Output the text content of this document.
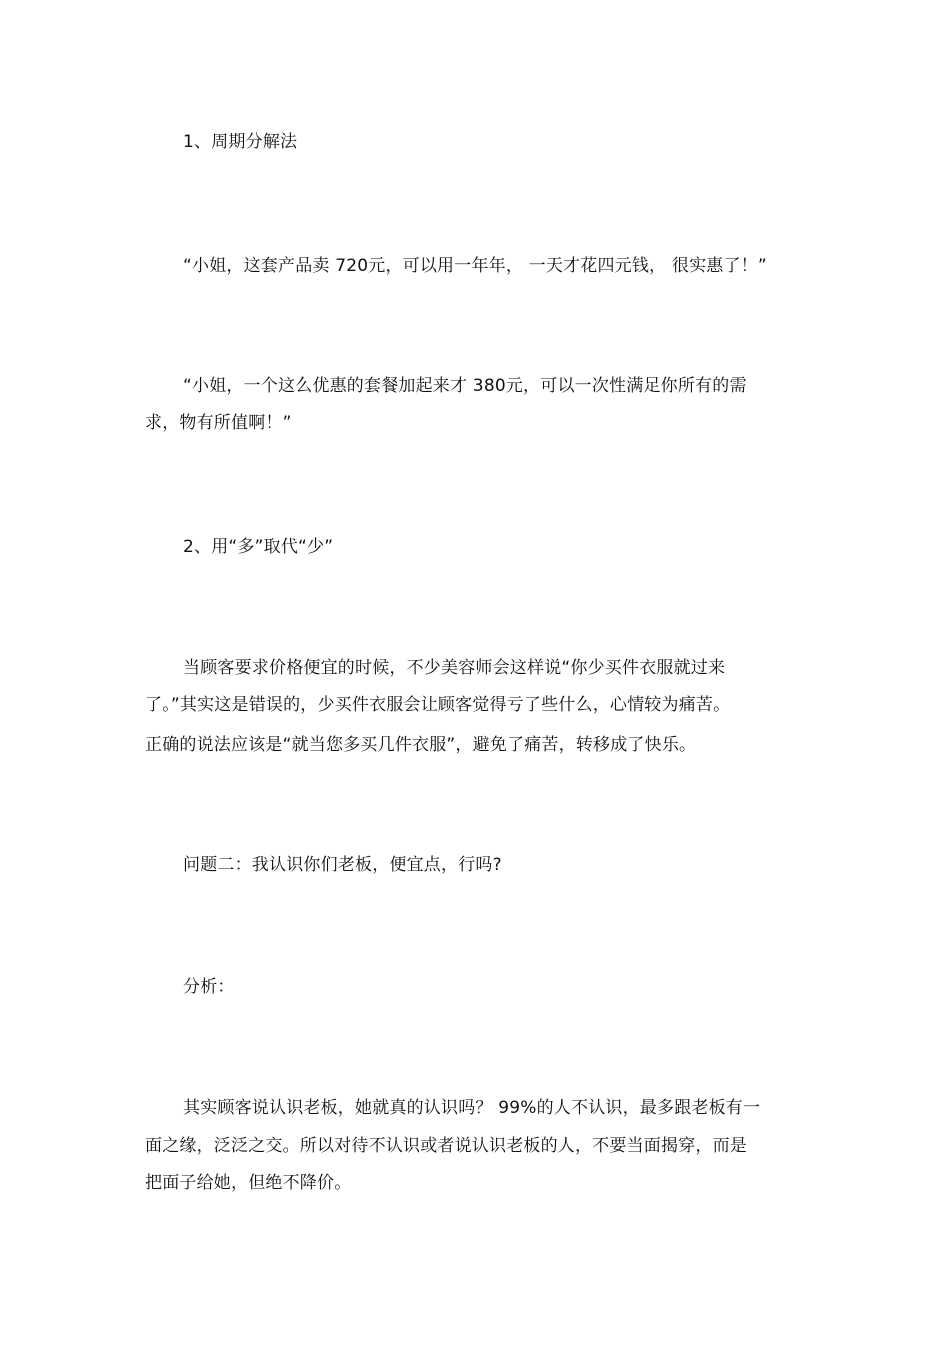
1、周期分解法
“小姐，这套产品卖 720元，可以用一年年， 一天才花四元钱， 很实惠了！”
“小姐，一个这么优惠的套餐加起来才 380元，可以一次性满足你所有的需
求，物有所值啊！”
2、用“多”取代“少”
当顾客要求价格便宜的时候，不少美容师会这样说“你少买件衣服就过来
了。”其实这是错误的，少买件衣服会让顾客觉得亏了些什么，心情较为痛苦。
正确的说法应该是“就当您多买几件衣服”，避免了痛苦，转移成了快乐。
问题二：我认识你们老板，便宜点，行吗?
分析：
其实顾客说认识老板，她就真的认识吗？ 99%的人不认识，最多跟老板有一
面之缘，泛泛之交。所以对待不认识或者说认识老板的人，不要当面揭穿，而是
把面子给她，但绝不降价。
